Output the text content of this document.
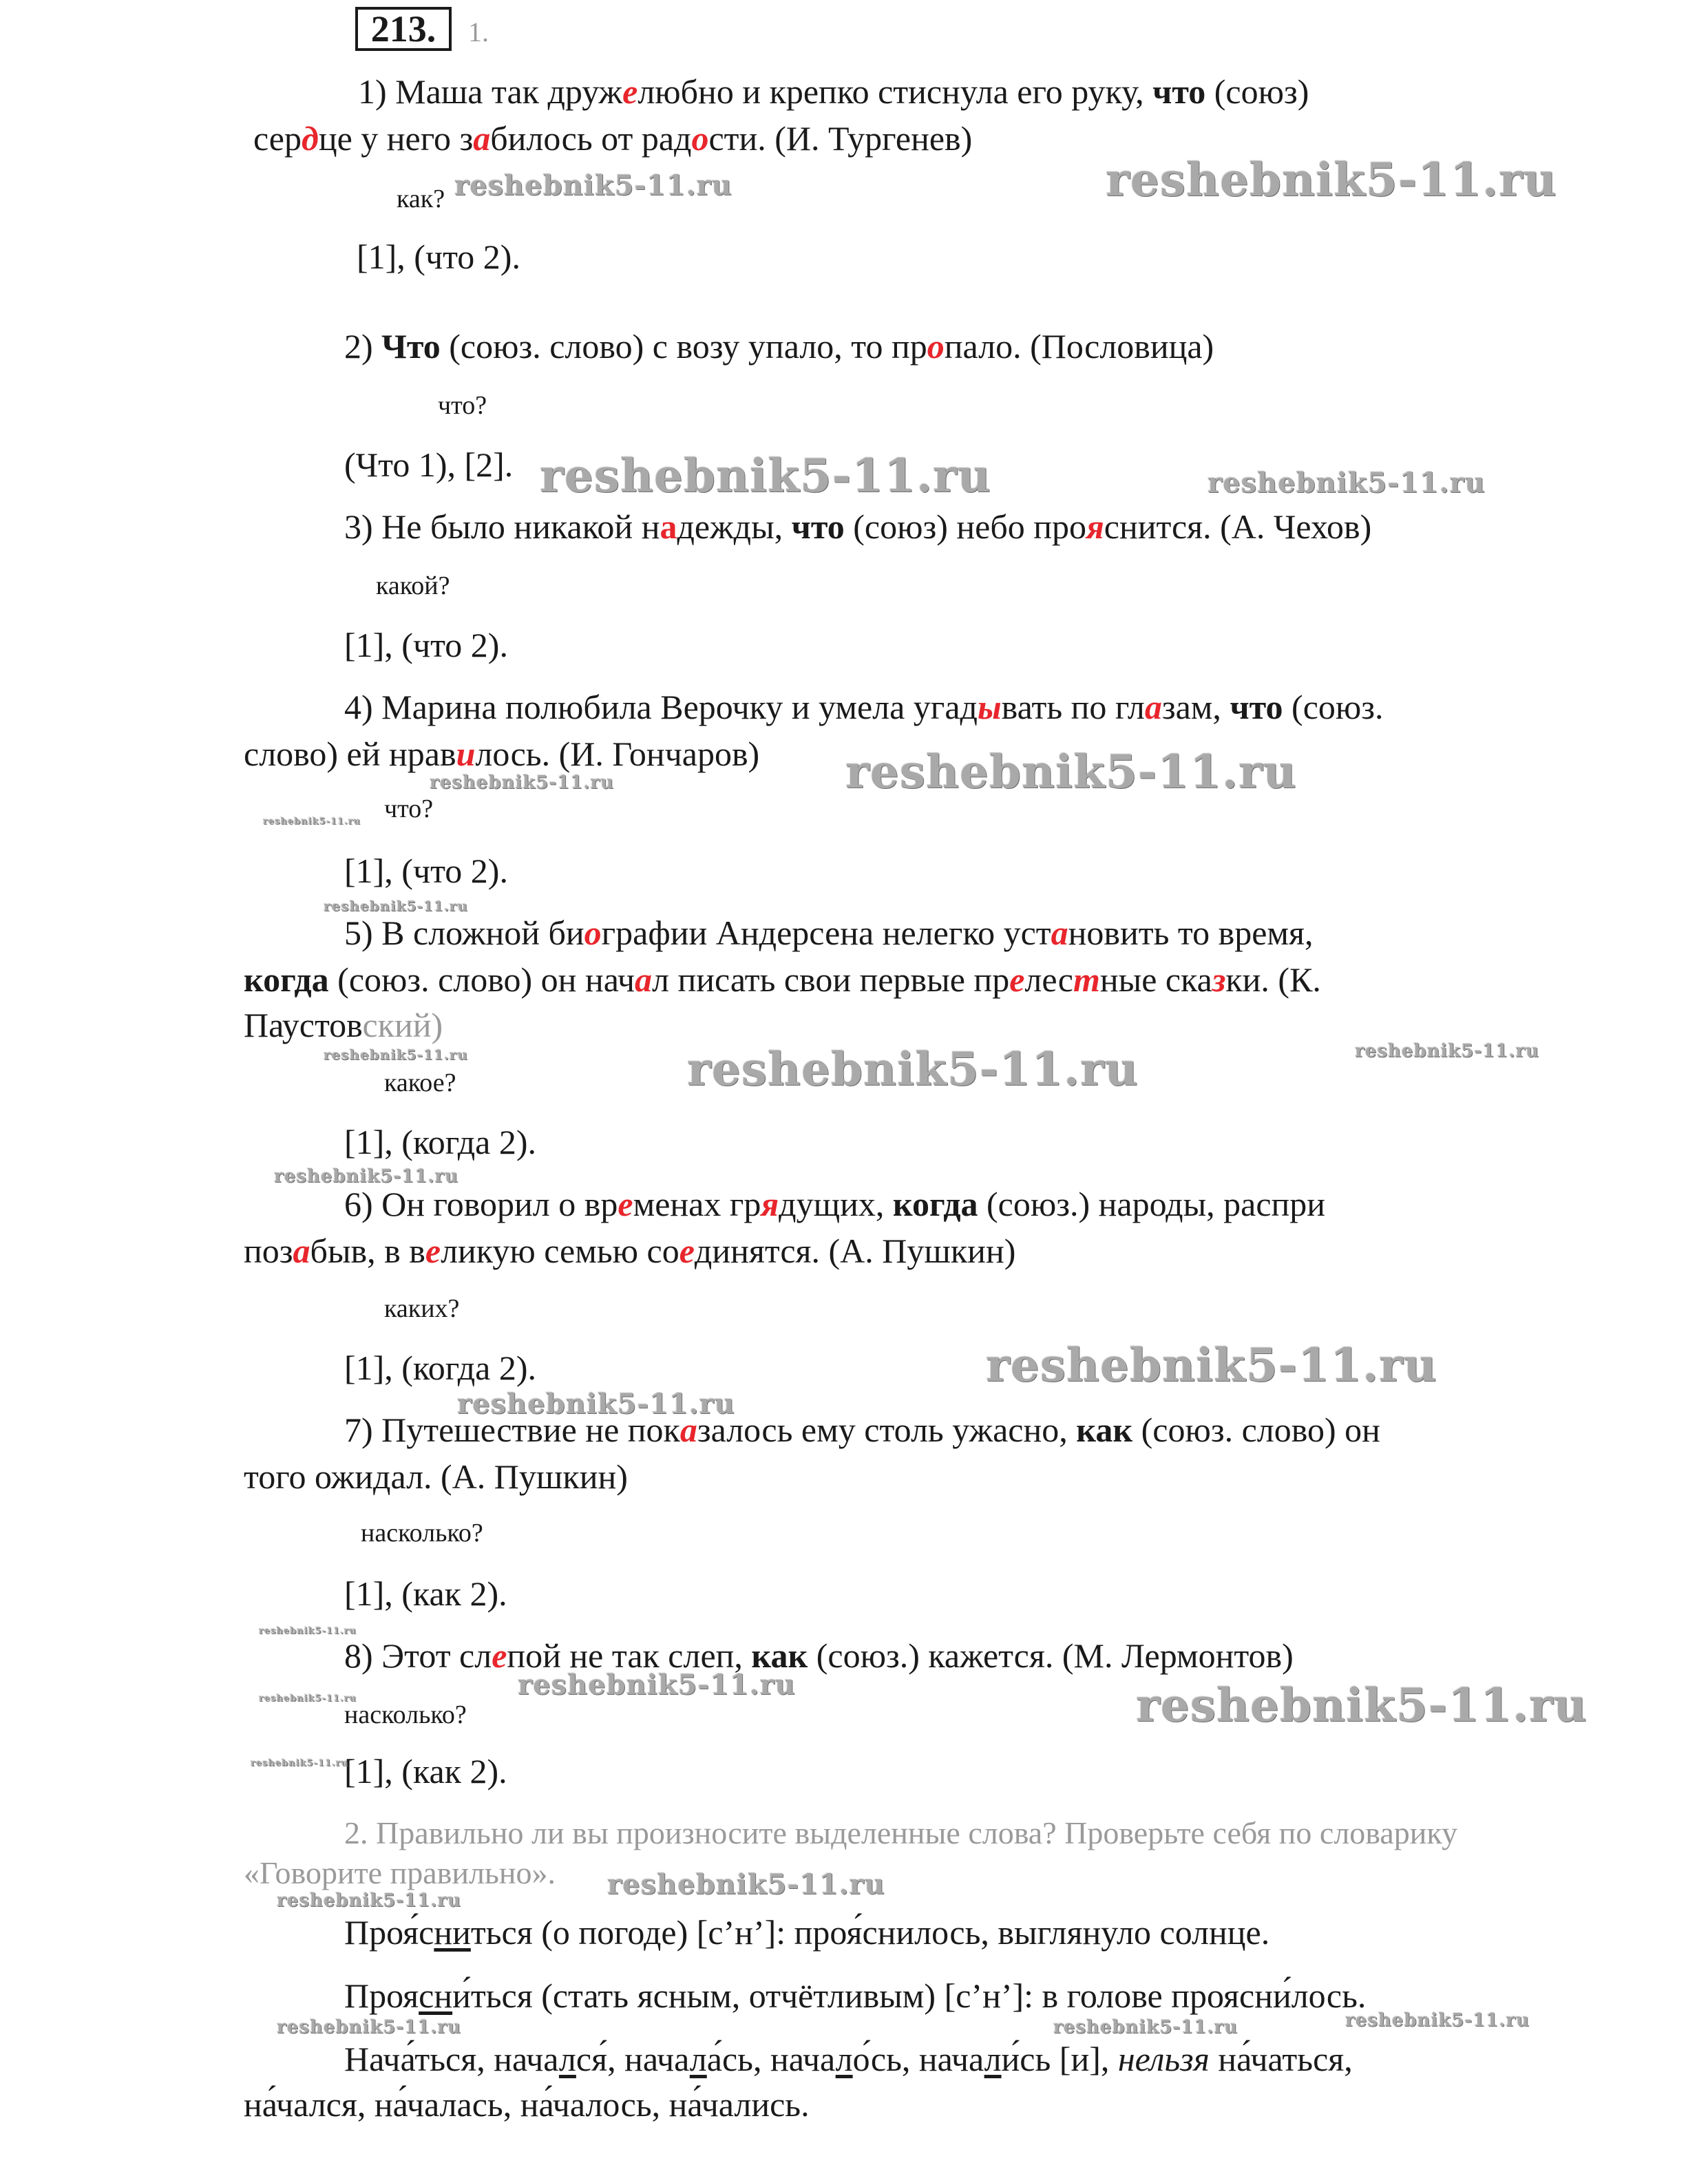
213.	1.
1) Маша так дружелюбно и крепко стиснула его руку, что (союз)
сердце у него забилось от радости. (И. Тургенев)
как?
[1], (что 2).
2) Что (союз. слово) с возу упало, то пропало. (Пословица)
что?
(Что 1), [2].
3) Не было никакой надежды, что (союз) небо прояснится. (А. Чехов)
какой?
[1], (что 2).
4) Марина полюбила Верочку и умела угадывать по глазам, что (союз.
слово) ей нравилось. (И. Гончаров)
что?
[1], (что 2).
5) В сложной биографии Андерсена нелегко установить то время,
когда (союз. слово) он начал писать свои первые прелестные сказки. (К.
Паустовский)
какое?
[1], (когда 2).
6) Он говорил о временах грядущих, когда (союз.) народы, распри
позабыв, в великую семью соединятся. (А. Пушкин)
каких?
[1], (когда 2).
7) Путешествие не показалось ему столь ужасно, как (союз. слово) он
того ожидал. (А. Пушкин)
насколько?
[1], (как 2).
8) Этот слепой не так слеп, как (союз.) кажется. (М. Лермонтов)
насколько?
[1], (как 2).
2. Правильно ли вы произносите выделенные слова? Проверьте себя по словарику
«Говорите правильно».
Проя́сниться (о погоде) [с’н’]: проя́снилось, выглянуло солнце.
Проясни́ться (стать ясным, отчётливым) [с’н’]: в голове проясни́лось.
Нача́ться, начался́, начала́сь, начало́сь, начали́сь [и], нельзя на́чаться,
на́чался, на́чалась, на́чалось, на́чались.
reshebnik5-11.ru
reshebnik5-11.ru
reshebnik5-11.ru	reshebnik5-11.ru
reshebnik5-11.ru
reshebnik5-11.ru
reshebnik5-11.ru
reshebnik5-11.ru
reshebnik5-11.ru	reshebnik5-11.ru	reshebnik5-11.ru
reshebnik5-11.ru
reshebnik5-11.ru
reshebnik5-11.ru
reshebnik5-11.ru
reshebnik5-11.ru	reshebnik5-11.ru
reshebnik5-11.ru
reshebnik5-11.ru
reshebnik5-11.ru
reshebnik5-11.ru
reshebnik5-11.ru	reshebnik5-11.ru	reshebnik5-11.ru
